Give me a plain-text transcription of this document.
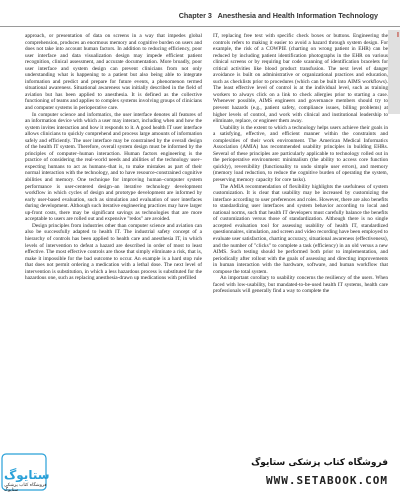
Chapter 3 Anesthesia and Health Information Technology
I

approach, or presentation of data on screens in a way that impedes global comprehension, produces an enormous memory and cognitive burden on users and does not take into account human factors. In addition to reducing efficiency, poor user interface and data visualization design may impede efficient patient recognition, clinical assessment, and accurate documentation. More broadly, poor user interface and system design can prevent clinicians from not only understanding what is happening to a patient but also being able to integrate information and predict and prepare for future events, a phenomenon termed situational awareness. Situational awareness was initially described in the field of aviation but has been applied to anesthesia. It is defined as the collective functioning of teams and applies to complex systems involving groups of clinicians and computer systems in perioperative care.

In computer science and informatics, the user interface denotes all features of an information device with which a user may interact, including when and how the system invites interaction and how it responds to it. A good health IT user interface allows clinicians to quickly comprehend and process large amounts of information safely and efficiently. The user interface may be constrained by the overall design of the health IT system. Therefore, overall system design must be informed by the principles of computer–human interaction. Human factors engineering is the practice of considering the real-world needs and abilities of the technology user–expecting humans to act as humans–that is, to make mistakes as part of their normal interaction with the technology, and to have resource-constrained cognitive abilities and memory. One technique for improving human–computer system performance is user-centered design–an iterative technology development workflow in which cycles of design and prototype development are informed by early user-based evaluation, such as simulation and evaluation of user interfaces during development. Although such iterative engineering practices may have larger up-front costs, there may be significant savings as technologies that are more acceptable to users are rolled out and expensive "redos" are avoided.

Design principles from industries other than computer science and aviation can also be successfully adapted to health IT. The industrial safety concept of a hierarchy of controls has been applied to health care and anesthesia IT, in which levels of intervention to defeat a hazard are described in order of most to least effective. The most effective controls are those that simply eliminate a risk, that is, make it impossible for the bad outcome to occur. An example is a hard stop rule that does not permit ordering a medication with a lethal dose. The next level of intervention is substitution, in which a less hazardous process is substituted for the hazardous one, such as replacing anesthesia-drawn up medications with prefilled

IT, replacing free text with specific check boxes or buttons. Engineering the controls refers to making it easier to avoid a hazard through system design. For example, the risk of a COWPIE (charting on wrong patient in EHR) can be reduced by including patient identification photographs in the EHR on various clinical screens or by requiring bar code scanning of identification bracelets for critical activities like blood product transfusion. The next level of danger avoidance is built on administrative or organizational practices and education, such as checklists prior to procedures (which can be built into AIMS workflows). The least effective level of control is at the individual level, such as training workers to always click on a link to check allergies prior to starting a case. Whenever possible, AIMS engineers and governance members should try to prevent hazards (e.g., patient safety, compliance issues, billing problems) at higher levels of control, and work with clinical and institutional leadership to eliminate, replace, or engineer them away.

Usability is the extent to which a technology helps users achieve their goals in a satisfying, effective, and efficient manner within the constraints and complexities of their work environment. The American Medical Informatics Association (AMIA) has recommended usability principles in building EHRs. Several of these principles are particularly applicable to technology rolled out in the perioperative environment: minimalism (the ability to access core function quickly), reversibility (functionality to undo simple user errors), and memory (memory load reduction, to reduce the cognitive burden of operating the system, preserving memory capacity for core tasks).

The AMIA recommendation of flexibility highlights the usefulness of system customization. It is clear that usability may be increased by customizing the interface according to user preferences and roles. However, there are also benefits to standardizing user interfaces and system behavior according to local and national norms, such that health IT developers must carefully balance the benefits of customization versus those of standardization. Although there is no single accepted evaluation tool for assessing usability of health IT, standardized questionnaires, simulation, and screen and video recording have been employed to evaluate user satisfaction, charting accuracy, situational awareness (effectiveness), and the number of "clicks" to complete a task (efficiency) in an old versus a new AIMS. Such testing should be performed both prior to implementation, and periodically after rollout with the goals of assessing and directing improvements in human interaction with the hardware, software, and human workflow that compose the total system.

An important corollary to usability concerns the resiliency of the users. When faced with low-usability, but mandated-to-be-used health IT systems, health care professionals will generally find a way to complete the

ستایوگ
فروشگاه کتاب پزشکی ستایوگ
فروشگاه کتاب پزشکی ستایوگ
WWW.SETABOOK.COM
